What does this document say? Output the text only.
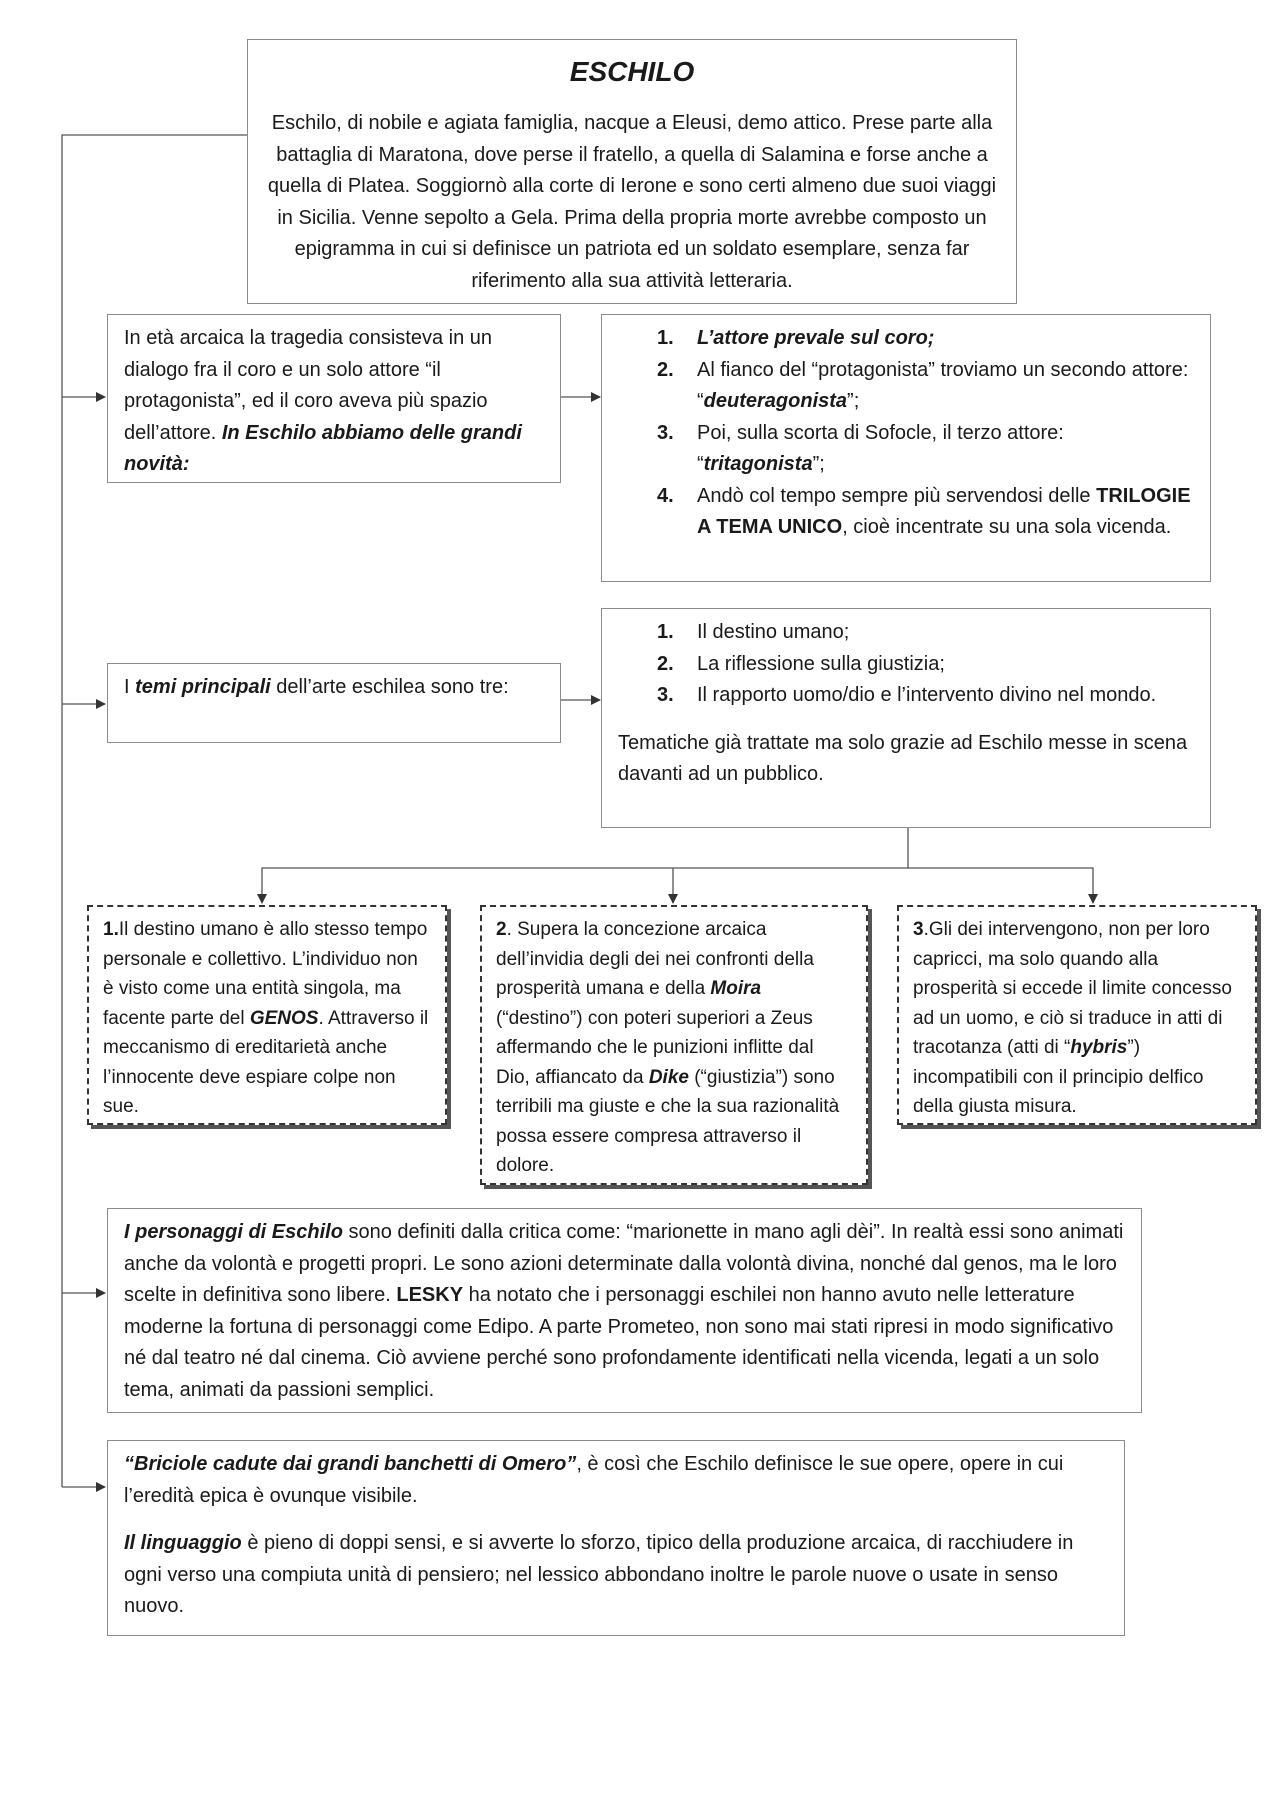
ESCHILO

Eschilo, di nobile e agiata famiglia, nacque a Eleusi, demo attico. Prese parte alla battaglia di Maratona, dove perse il fratello, a quella di Salamina e forse anche a quella di Platea. Soggiornò alla corte di Ierone e sono certi almeno due suoi viaggi in Sicilia. Venne sepolto a Gela. Prima della propria morte avrebbe composto un epigramma in cui si definisce un patriota ed un soldato esemplare, senza far riferimento alla sua attività letteraria.

In età arcaica la tragedia consisteva in un dialogo fra il coro e un solo attore “il protagonista”, ed il coro aveva più spazio dell’attore. In Eschilo abbiamo delle grandi novità:
1. L’attore prevale sul coro;
2. Al fianco del “protagonista” troviamo un secondo attore: “deuteragonista”;
3. Poi, sulla scorta di Sofocle, il terzo attore: “tritagonista”;
4. Andò col tempo sempre più servendosi delle TRILOGIE A TEMA UNICO, cioè incentrate su una sola vicenda.
I temi principali dell’arte eschilea sono tre:
1. Il destino umano;
2. La riflessione sulla giustizia;
3. Il rapporto uomo/dio e l’intervento divino nel mondo.

Tematiche già trattate ma solo grazie ad Eschilo messe in scena davanti ad un pubblico.

1.Il destino umano è allo stesso tempo personale e collettivo. L’individuo non è visto come una entità singola, ma facente parte del GENOS. Attraverso il meccanismo di ereditarietà anche l’innocente deve espiare colpe non sue.
2. Supera la concezione arcaica dell’invidia degli dei nei confronti della prosperità umana e della Moira (“destino”) con poteri superiori a Zeus affermando che le punizioni inflitte dal Dio, affiancato da Dike (“giustizia”) sono terribili ma giuste e che la sua razionalità possa essere compresa attraverso il dolore.
3.Gli dei intervengono, non per loro capricci, ma solo quando alla prosperità si eccede il limite concesso ad un uomo, e ciò si traduce in atti di tracotanza (atti di “hybris”) incompatibili con il principio delfico della giusta misura.
I personaggi di Eschilo sono definiti dalla critica come: “marionette in mano agli dèi”. In realtà essi sono animati anche da volontà e progetti propri. Le sono azioni determinate dalla volontà divina, nonché dal genos, ma le loro scelte in definitiva sono libere. LESKY ha notato che i personaggi eschilei non hanno avuto nelle letterature moderne la fortuna di personaggi come Edipo. A parte Prometeo, non sono mai stati ripresi in modo significativo né dal teatro né dal cinema. Ciò avviene perché sono profondamente identificati nella vicenda, legati a un solo tema, animati da passioni semplici.

“Briciole cadute dai grandi banchetti di Omero”, è così che Eschilo definisce le sue opere, opere in cui l’eredità epica è ovunque visibile.

Il linguaggio è pieno di doppi sensi, e si avverte lo sforzo, tipico della produzione arcaica, di racchiudere in ogni verso una compiuta unità di pensiero; nel lessico abbondano inoltre le parole nuove o usate in senso nuovo.
